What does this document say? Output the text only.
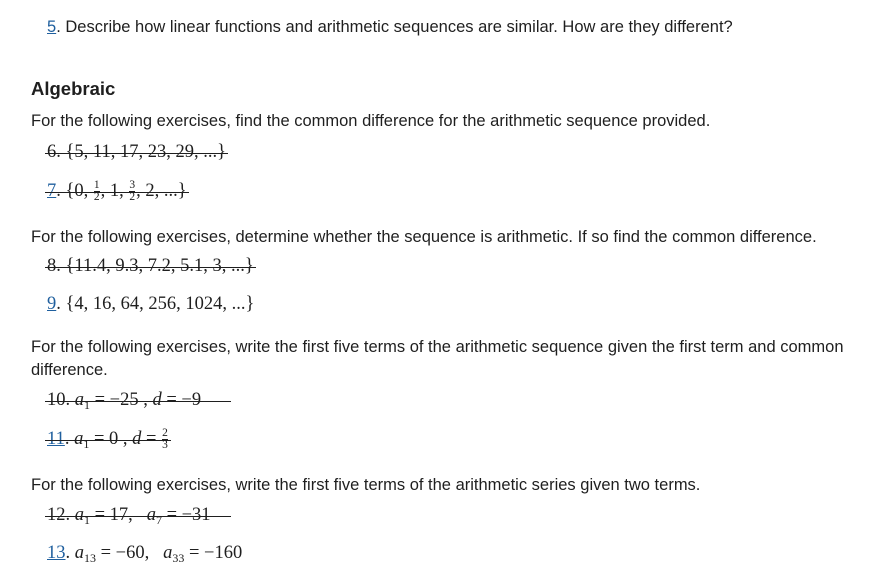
5. Describe how linear functions and arithmetic sequences are similar. How are they different?
Algebraic
For the following exercises, find the common difference for the arithmetic sequence provided.
6. {5, 11, 17, 23, 29, ...}
7. {0, $\frac{1}{2}$ , 1, $\frac{3}{2}$ , 2, ...}
For the following exercises, determine whether the sequence is arithmetic. If so find the common difference.
8. {11.4, 9.3, 7.2, 5.1, 3, ...}
9. {4, 16, 64, 256, 1024, ...}
For the following exercises, write the first five terms of the arithmetic sequence given the first term and common
difference.
10. $a_1 = -25$ , d = −9
11. $a_1 = 0$ , $d = \frac{2}{3}$
For the following exercises, write the first five terms of the arithmetic series given two terms.
12. $a_1 = 17$,   $a_7 = -31$
13. $a_{13} = -60$,   $a_{33} = -160$
